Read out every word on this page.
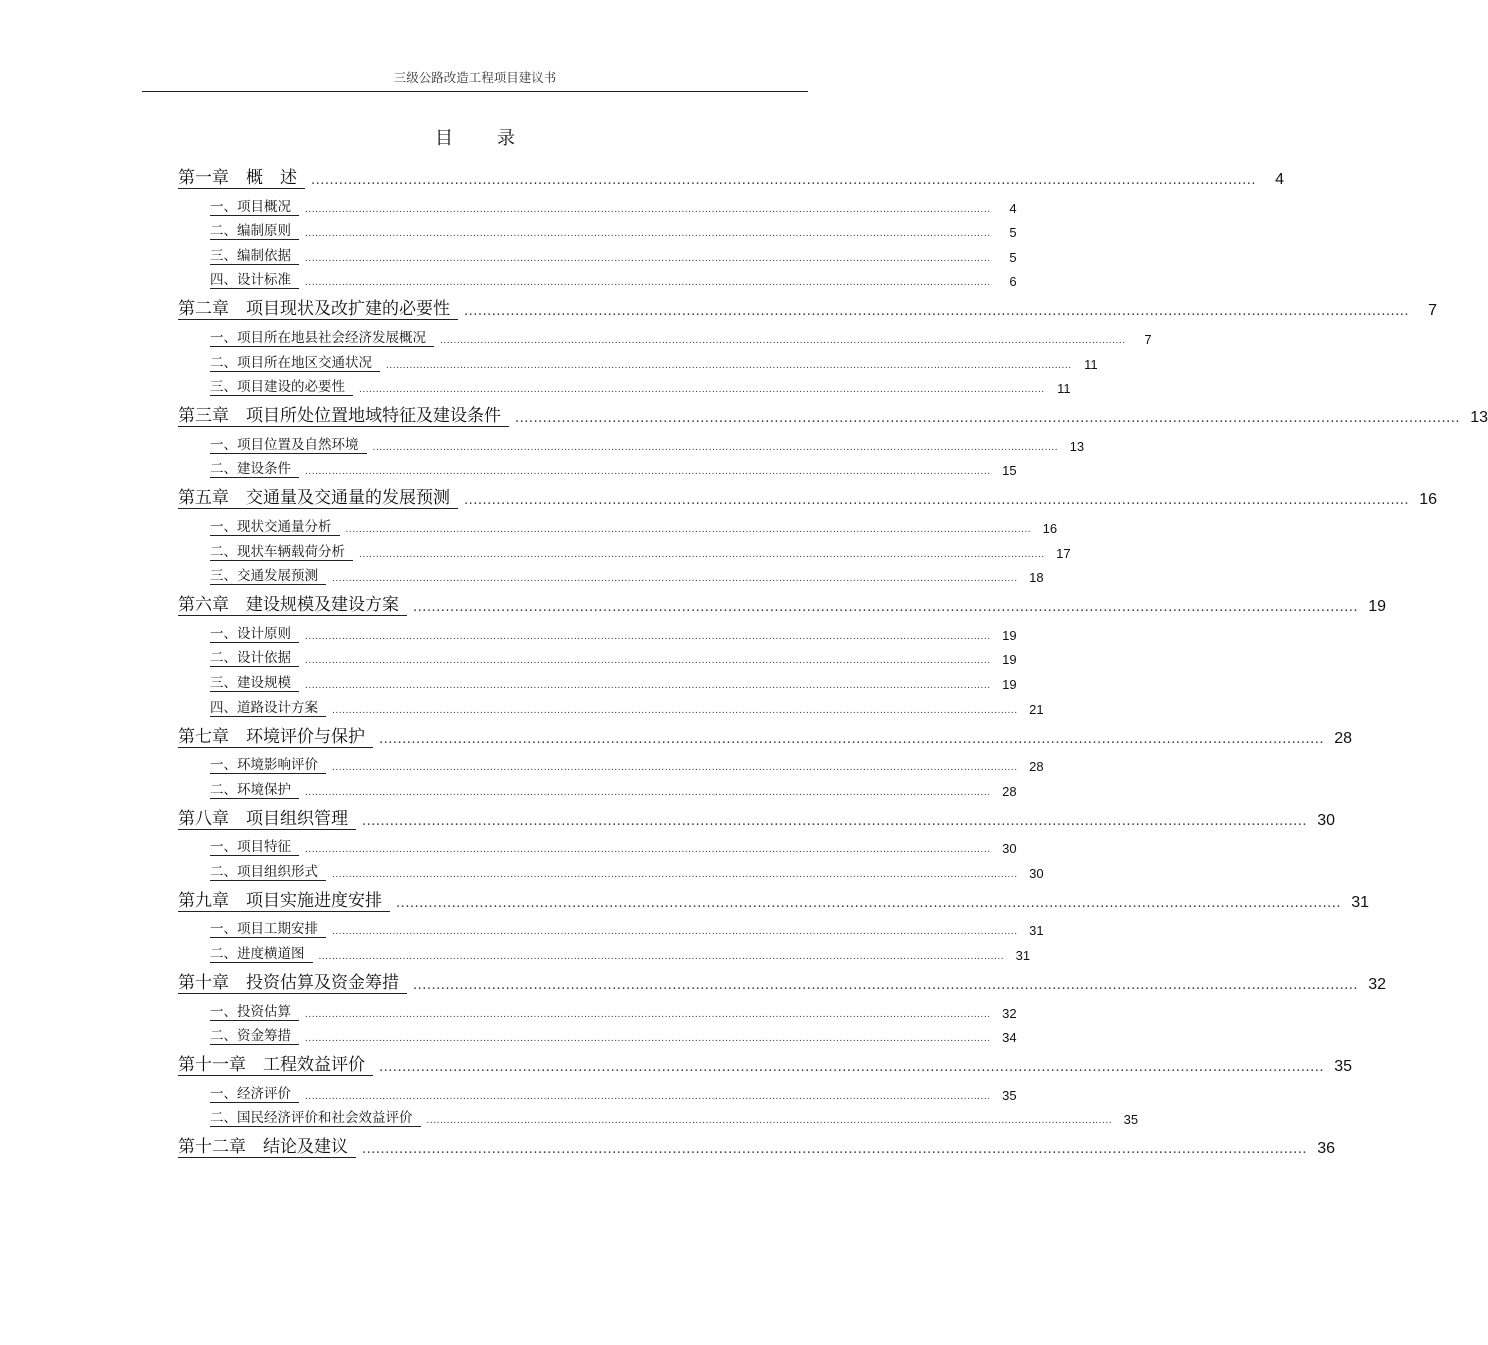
三级公路改造工程项目建议书
目录
第一章　概　述	............................................................................................................................................................................................................	4
一、项目概况	............................................................................................................................................................................................................	4
二、编制原则	............................................................................................................................................................................................................	5
三、编制依据	............................................................................................................................................................................................................	5
四、设计标准	............................................................................................................................................................................................................	6
第二章　项目现状及改扩建的必要性	............................................................................................................................................................................................................	7
一、项目所在地县社会经济发展概况	............................................................................................................................................................................................................	7
二、项目所在地区交通状况	............................................................................................................................................................................................................ 11
三、项目建设的必要性	............................................................................................................................................................................................................ 11
第三章　项目所处位置地域特征及建设条件	............................................................................................................................................................................................................ 13
一、项目位置及自然环境	............................................................................................................................................................................................................ 13
二、建设条件	............................................................................................................................................................................................................ 15
第五章　交通量及交通量的发展预测	............................................................................................................................................................................................................ 16
一、现状交通量分析	............................................................................................................................................................................................................ 16
二、现状车辆载荷分析	............................................................................................................................................................................................................ 17
三、交通发展预测	............................................................................................................................................................................................................ 18
第六章　建设规模及建设方案	............................................................................................................................................................................................................ 19
一、设计原则	............................................................................................................................................................................................................ 19
二、设计依据	............................................................................................................................................................................................................ 19
三、建设规模	............................................................................................................................................................................................................ 19
四、道路设计方案	............................................................................................................................................................................................................ 21
第七章　环境评价与保护	............................................................................................................................................................................................................ 28
一、环境影响评价	............................................................................................................................................................................................................ 28
二、环境保护	............................................................................................................................................................................................................ 28
第八章　项目组织管理	............................................................................................................................................................................................................ 30
一、项目特征	............................................................................................................................................................................................................ 30
二、项目组织形式	............................................................................................................................................................................................................ 30
第九章　项目实施进度安排	............................................................................................................................................................................................................ 31
一、项目工期安排	............................................................................................................................................................................................................ 31
二、进度横道图	............................................................................................................................................................................................................ 31
第十章　投资估算及资金筹措	............................................................................................................................................................................................................ 32
一、投资估算	............................................................................................................................................................................................................ 32
二、资金筹措	............................................................................................................................................................................................................ 34
第十一章　工程效益评价	............................................................................................................................................................................................................ 35
一、经济评价	............................................................................................................................................................................................................ 35
二、国民经济评价和社会效益评价	............................................................................................................................................................................................................ 35
第十二章　结论及建议	............................................................................................................................................................................................................ 36
